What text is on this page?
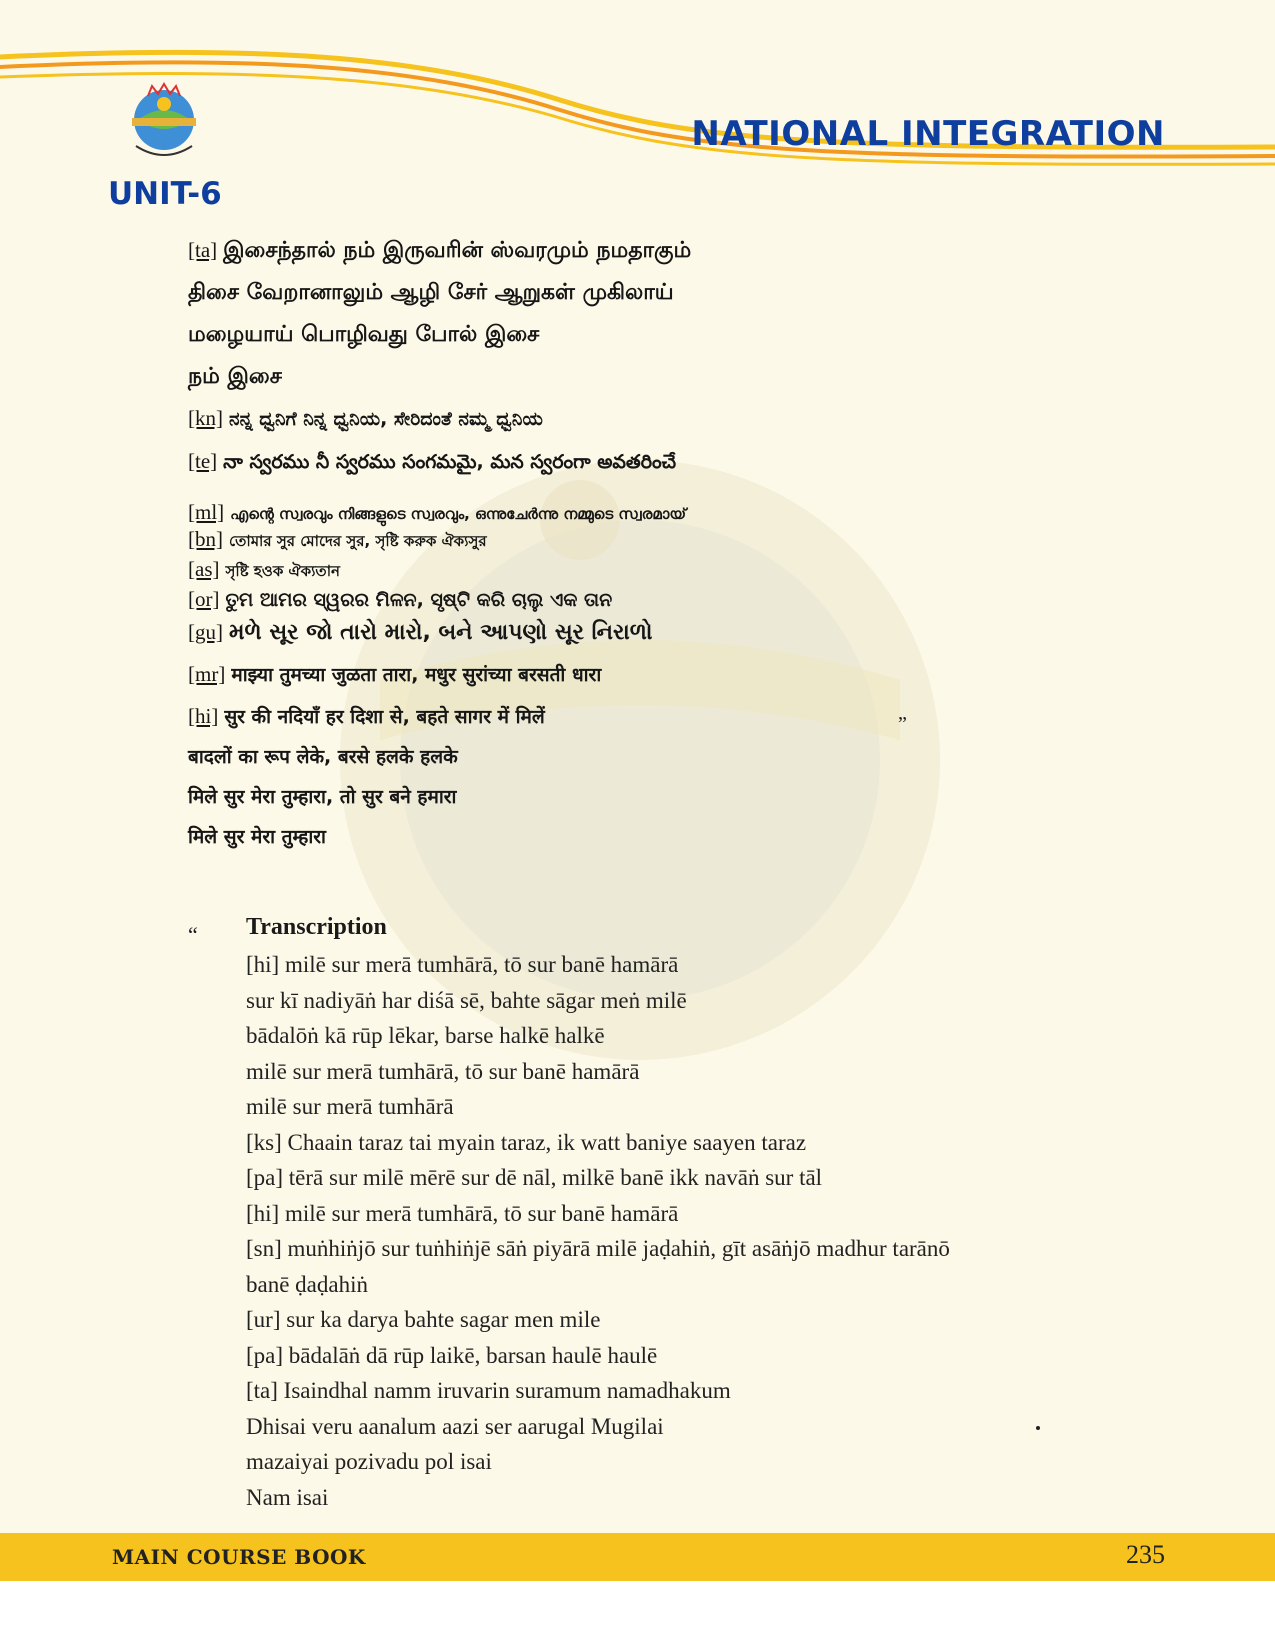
NATIONAL INTEGRATION
UNIT-6
[ta] இசைந்தால் நம் இருவரின் ஸ்வரமும் நமதாகும்
திசை வேறானாலும் ஆழி சேர் ஆறுகள் முகிலாய்
மழையாய் பொழிவது போல் இசை
நம் இசை
[kn] ನನ್ನ ಧ್ವನಿಗೆ ನಿನ್ನ ಧ್ವನಿಯ, ಸೇರಿದಂತೆ ನಮ್ಮ ಧ್ವನಿಯ
[te] నా స్వరము నీ స్వరము సంగమమై, మన స్వరంగా అవతరించే
[ml] എന്റെ സ്വരവും നിങ്ങളുടെ സ്വരവും, ഒന്നുചേർന്നു നമ്മുടെ സ്വരമായ്
[bn] তোমার সুর মোদের সুর, সৃষ্টি করুক ঐক্যসুর
[as] সৃষ্টি হওক ঐক্যতান
[or] ତୁମ ଆମର ସ୍ୱରର ମିଳନ, ସୃଷ୍ଟି କରି ଚାଲୁ ଏକ ତାନ
[gu] મળે સૂર જો તારો મારો, બને આપણો સૂર નિરાળો
[mr] माझ्या तुमच्या जुळता तारा, मधुर सुरांच्या बरसती धारा
[hi] सुर की नदियाँ हर दिशा से, बहते सागर में मिलें
बादलों का रूप लेके, बरसे हलके हलके
मिले सुर मेरा तुम्हारा, तो सुर बने हमारा
मिले सुर मेरा तुम्हारा
„
“ Transcription
[hi] milē sur merā tumhārā, tō sur banē hamārā
sur kī nadiyāṅ har diśā sē, bahte sāgar meṅ milē
bādalōṅ kā rūp lēkar, barse halkē halkē
milē sur merā tumhārā, tō sur banē hamārā
milē sur merā tumhārā
[ks] Chaain taraz tai myain taraz, ik watt baniye saayen taraz
[pa] tērā sur milē mērē sur dē nāl, milkē banē ikk navāṅ sur tāl
[hi] milē sur merā tumhārā, tō sur banē hamārā
[sn] muṅhiṅjō sur tuṅhiṅjē sāṅ piyārā milē jaḍahiṅ, gīt asāṅjō madhur tarānō
banē ḍaḍahiṅ
[ur] sur ka darya bahte sagar men mile
[pa] bādalāṅ dā rūp laikē, barsan haulē haulē
[ta] Isaindhal namm iruvarin suramum namadhakum
Dhisai veru aanalum aazi ser aarugal Mugilai
mazaiyai pozivadu pol isai
Nam isai
MAIN COURSE BOOK	235
